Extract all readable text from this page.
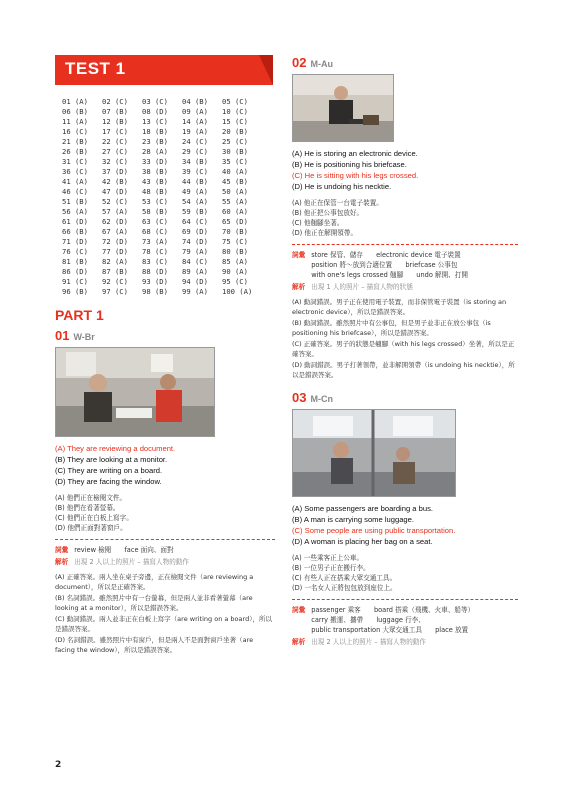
TEST 1
01 (A)	02 (C)	03 (C)	04 (B)	05 (C)
06 (B)	07 (B)	08 (D)	09 (A)	10 (C)
11 (A)	12 (B)	13 (C)	14 (A)	15 (C)
16 (C)	17 (C)	18 (B)	19 (A)	20 (B)
21 (B)	22 (C)	23 (B)	24 (C)	25 (C)
26 (B)	27 (C)	28 (A)	29 (C)	30 (B)
31 (C)	32 (C)	33 (D)	34 (B)	35 (C)
36 (C)	37 (D)	38 (B)	39 (C)	40 (A)
41 (A)	42 (B)	43 (B)	44 (B)	45 (B)
46 (C)	47 (D)	48 (B)	49 (A)	50 (A)
51 (B)	52 (C)	53 (C)	54 (A)	55 (A)
56 (A)	57 (A)	58 (B)	59 (B)	60 (A)
61 (D)	62 (D)	63 (C)	64 (C)	65 (D)
66 (B)	67 (A)	68 (C)	69 (D)	70 (B)
71 (D)	72 (D)	73 (A)	74 (D)	75 (C)
76 (C)	77 (D)	78 (C)	79 (A)	80 (B)
81 (B)	82 (A)	83 (C)	84 (C)	85 (A)
86 (D)	87 (B)	88 (D)	89 (A)	90 (A)
91 (C)	92 (C)	93 (D)	94 (D)	95 (C)
96 (B)	97 (C)	98 (B)	99 (A)	100 (A)
PART 1
01 W-Br
(A) They are reviewing a document.
(B) They are looking at a monitor.
(C) They are writing on a board.
(D) They are facing the window.
(A) 他們正在檢閱文件。
(B) 他們在看著螢幕。
(C) 他們正在白板上寫字。
(D) 他們正面對著窗戶。
詞彙 review 檢閱　　face 面向、面對
解析 出現 2 人以上的照片 – 描寫人物的動作
(A) 正確答案。兩人坐在桌子旁邊，正在檢閱文件（are reviewing a document），所以是正確答案。
(B) 名詞錯誤。雖然照片中有一台螢幕，但是兩人並非看著螢幕（are looking at a monitor），所以是錯誤答案。
(C) 動詞錯誤。兩人並非正在白板上寫字（are writing on a board），所以是錯誤答案。
(D) 名詞錯誤。雖然照片中有窗戶，但是兩人不是面對窗戶坐著（are facing the window），所以是錯誤答案。
02 M-Au
(A) He is storing an electronic device.
(B) He is positioning his briefcase.
(C) He is sitting with his legs crossed.
(D) He is undoing his necktie.
(A) 他正在保管一台電子裝置。
(B) 他正把公事包放好。
(C) 他翹腳坐著。
(D) 他正在解開領帶。
詞彙 store 保管、儲存　　electronic device 電子裝置
position 將～放到合適位置　　briefcase 公事包
with one's legs crossed 翹腳　　undo 解開、打開
解析 出現 1 人的照片 – 描寫人物的狀態
(A) 動詞錯誤。男子正在使用電子裝置，而非保管電子裝置（is storing an electronic device），所以是錯誤答案。
(B) 動詞錯誤。雖然照片中有公事包，但是男子並非正在放公事包（is positioning his briefcase），所以是錯誤答案。
(C) 正確答案。男子的狀態是翹腳（with his legs crossed）坐著，所以是正確答案。
(D) 動詞錯誤。男子打著領帶，並非解開領帶（is undoing his necktie），所以是錯誤答案。
03 M-Cn
(A) Some passengers are boarding a bus.
(B) A man is carrying some luggage.
(C) Some people are using public transportation.
(D) A woman is placing her bag on a seat.
(A) 一些乘客正上公車。
(B) 一位男子正在搬行李。
(C) 有些人正在搭乘大眾交通工具。
(D) 一名女人正將包包放到座位上。
詞彙 passenger 乘客　　board 搭乘（飛機、火車、船等）
carry 搬運、攜帶　　luggage 行李、
public transportation 大眾交通工具　　place 放置
解析 出現 2 人以上的照片 – 描寫人物的動作
2
